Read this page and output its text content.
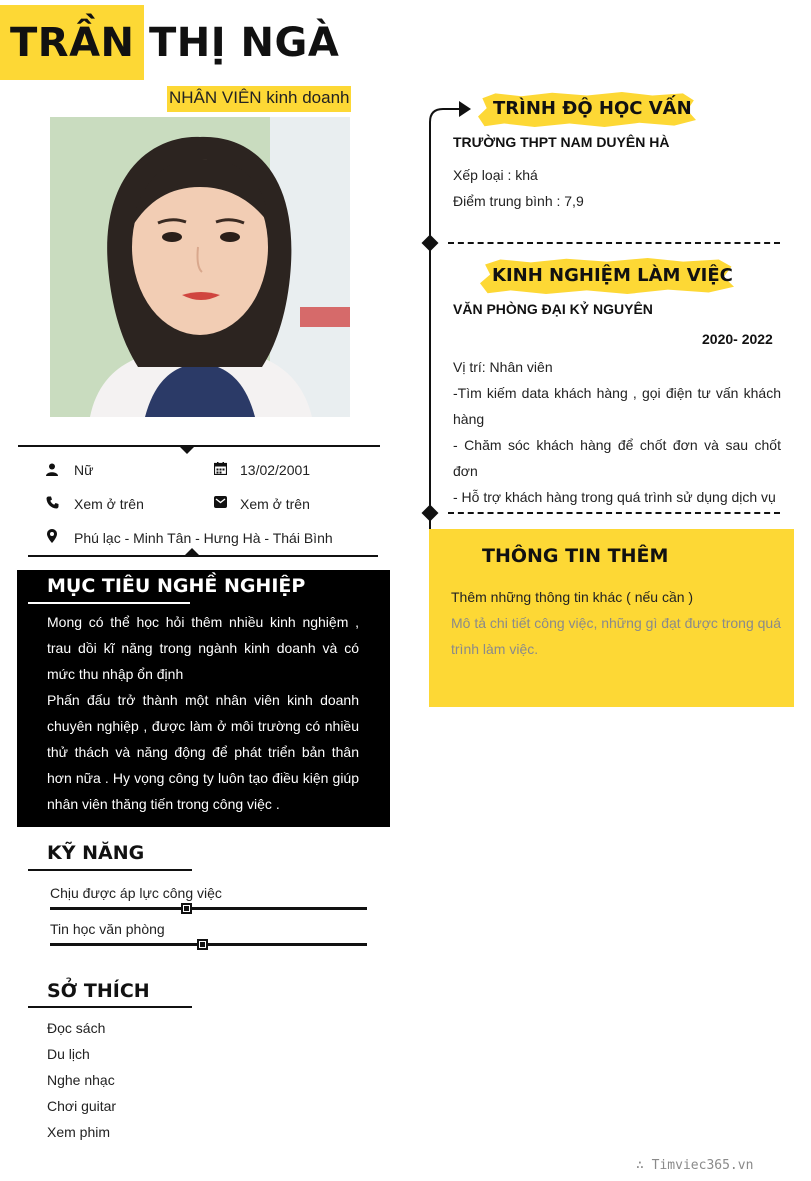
TRẦN THỊ NGÀ
NHÂN VIÊN kinh doanh
Nữ	13/02/2001
Xem ở trên	Xem ở trên
Phú lạc - Minh Tân - Hưng Hà - Thái Bình
MỤC TIÊU NGHỀ NGHIỆP
Mong có thể học hỏi thêm nhiều kinh nghiệm , trau dồi kĩ năng trong ngành kinh doanh và có mức thu nhập ổn định
Phấn đấu trở thành một nhân viên kinh doanh chuyên nghiệp , được làm ở môi trường có nhiều thử thách và năng động để phát triển bản thân hơn nữa . Hy vọng công ty luôn tạo điều kiện giúp nhân viên thăng tiến trong công việc .
KỸ NĂNG
Chịu được áp lực công việc
Tin học văn phòng
SỞ THÍCH
Đọc sách
Du lịch
Nghe nhạc
Chơi guitar
Xem phim
TRÌNH ĐỘ HỌC VẤN
TRƯỜNG THPT NAM DUYÊN HÀ
Xếp loại : khá
Điểm trung bình : 7,9
KINH NGHIỆM LÀM VIỆC
VĂN PHÒNG ĐẠI KỶ NGUYÊN
2020- 2022
Vị trí: Nhân viên
-Tìm kiếm data khách hàng , gọi điện tư vấn khách hàng
- Chăm sóc khách hàng để chốt đơn và sau chốt đơn
- Hỗ trợ khách hàng trong quá trình sử dụng dịch vụ
THÔNG TIN THÊM
Thêm những thông tin khác ( nếu cần )
Mô tả chi tiết công việc, những gì đạt được trong quá trình làm việc.
∴ Timviec365.vn
